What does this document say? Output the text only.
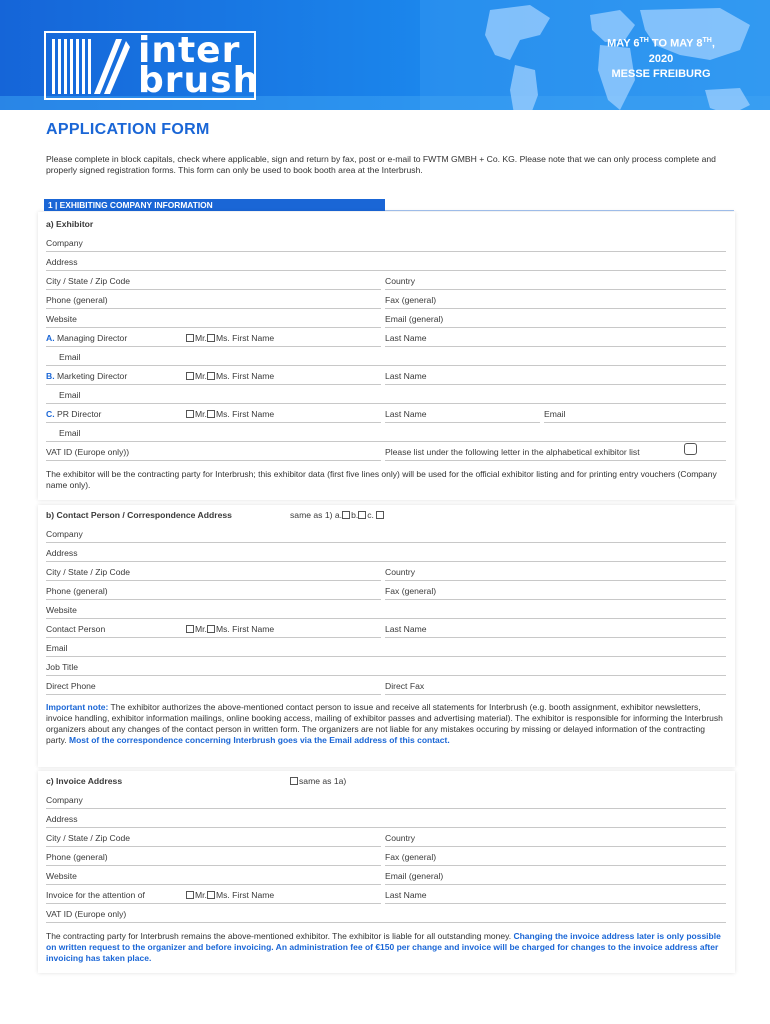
inter
brush
MAY 6TH TO MAY 8TH, 2020
MESSE FREIBURG
APPLICATION FORM
Please complete in block capitals, check where applicable, sign and return by fax, post or e-mail to FWTM GMBH + Co. KG. Please note that we can only process complete and properly signed registration forms. This form can only be used to book booth area at the Interbrush.
1 | EXHIBITING COMPANY INFORMATION
a) Exhibitor
Company
Address
City / State / Zip Code	Country
Phone (general)	Fax (general)
Website	Email (general)
A. Managing Director	Mr. Ms. First Name	Last Name
Email
B. Marketing Director	Mr. Ms. First Name	Last Name
Email
C. PR Director	Mr. Ms. First Name	Last Name	Email
Email
VAT ID (Europe only))	Please list under the following letter in the alphabetical exhibitor list
The exhibitor will be the contracting party for Interbrush; this exhibitor data (first five lines only) will be used for the official exhibitor listing and for printing entry vouchers (Company name only).
b) Contact Person / Correspondence Address	same as 1) a. b. c.
Company
Address
City / State / Zip Code	Country
Phone (general)	Fax (general)
Website
Contact Person	Mr. Ms. First Name	Last Name
Email
Job Title
Direct Phone	Direct Fax
Important note: The exhibitor authorizes the above-mentioned contact person to issue and receive all statements for Interbrush (e.g. booth assignment, exhibitor newsletters, invoice handling, exhibitor information mailings, online booking access, mailing of exhibitor passes and advertising material). The exhibitor is responsible for informing the Interbrush organizers about any changes of the contact person in written form. The organizers are not liable for any mistakes occuring by missing or delayed information of the contracting party. Most of the correspondence concerning Interbrush goes via the Email address of this contact.
c) Invoice Address	same as 1a)
Company
Address
City / State / Zip Code	Country
Phone (general)	Fax (general)
Website	Email (general)
Invoice for the attention of	Mr. Ms. First Name	Last Name
VAT ID (Europe only)
The contracting party for Interbrush remains the above-mentioned exhibitor. The exhibitor is liable for all outstanding money. Changing the invoice address later is only possible on written request to the organizer and before invoicing. An administration fee of €150 per change and invoice will be charged for changes to the invoice address after invoicing has taken place.
